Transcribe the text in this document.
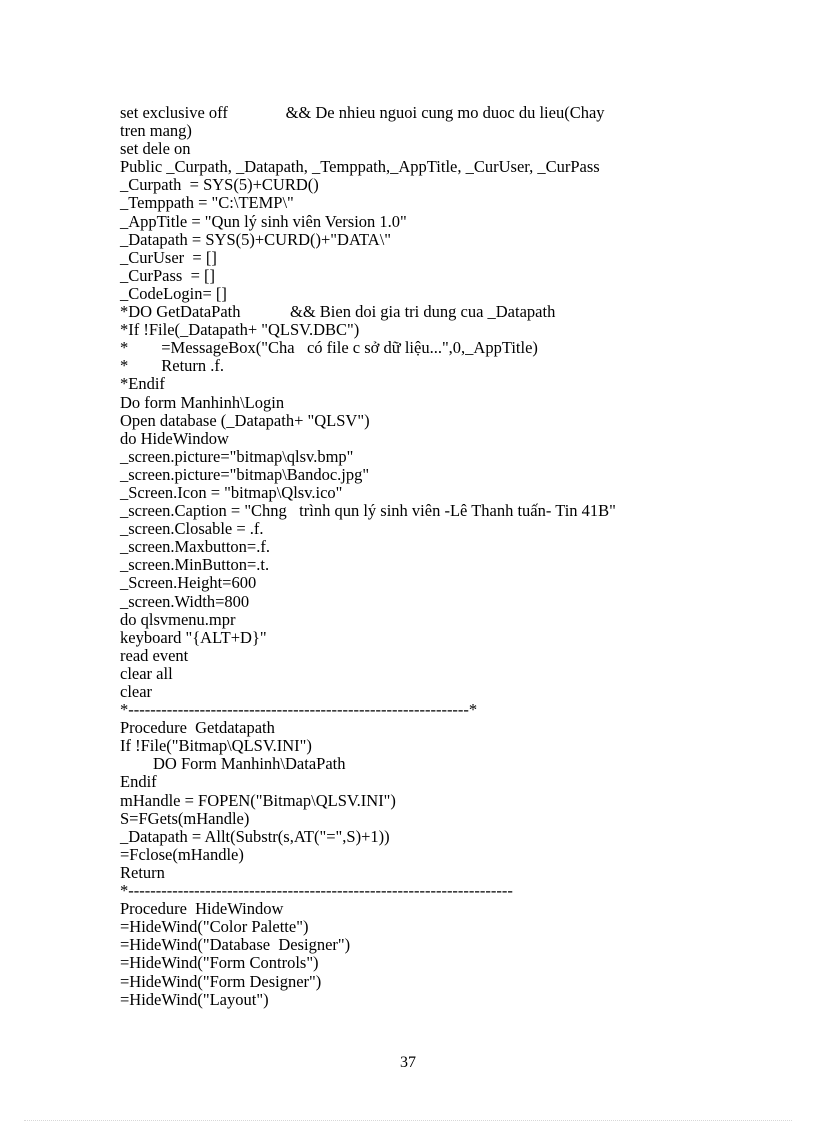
set exclusive off              && De nhieu nguoi cung mo duoc du lieu(Chay
tren mang)
set dele on
Public _Curpath, _Datapath, _Temppath,_AppTitle, _CurUser, _CurPass
_Curpath  = SYS(5)+CURD()
_Temppath = "C:\TEMP\"
_AppTitle = "Qun lý sinh viên Version 1.0"
_Datapath = SYS(5)+CURD()+"DATA\"
_CurUser  = []
_CurPass  = []
_CodeLogin= []
*DO GetDataPath            && Bien doi gia tri dung cua _Datapath
*If !File(_Datapath+ "QLSV.DBC")
*        =MessageBox("Cha   có file c sở dữ liệu...",0,_AppTitle)
*        Return .f.
*Endif
Do form Manhinh\Login
Open database (_Datapath+ "QLSV")
do HideWindow
_screen.picture="bitmap\qlsv.bmp"
_screen.picture="bitmap\Bandoc.jpg"
_Screen.Icon = "bitmap\Qlsv.ico"
_screen.Caption = "Chng   trình qun lý sinh viên -Lê Thanh tuấn- Tin 41B"
_screen.Closable = .f.
_screen.Maxbutton=.f.
_screen.MinButton=.t.
_Screen.Height=600
_screen.Width=800
do qlsvmenu.mpr
keyboard "{ALT+D}"
read event
clear all
clear
*--------------------------------------------------------------*
Procedure  Getdatapath
If !File("Bitmap\QLSV.INI")
DO Form Manhinh\DataPath
Endif
mHandle = FOPEN("Bitmap\QLSV.INI")
S=FGets(mHandle)
_Datapath = Allt(Substr(s,AT("=",S)+1))
=Fclose(mHandle)
Return
*----------------------------------------------------------------------
Procedure  HideWindow
=HideWind("Color Palette")
=HideWind("Database  Designer")
=HideWind("Form Controls")
=HideWind("Form Designer")
=HideWind("Layout")
37
